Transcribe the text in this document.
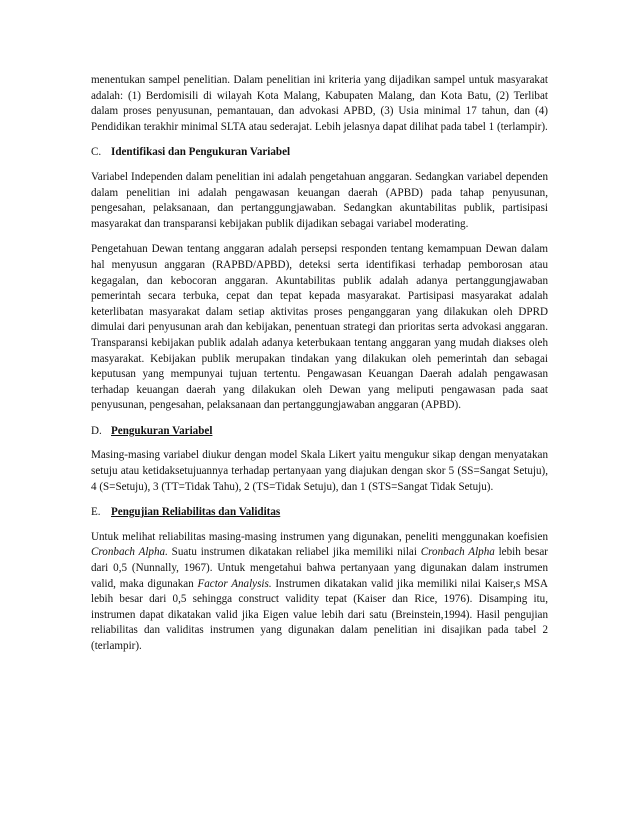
menentukan sampel penelitian. Dalam penelitian ini kriteria yang dijadikan sampel untuk masyarakat adalah: (1) Berdomisili di wilayah Kota Malang, Kabupaten Malang, dan Kota Batu, (2) Terlibat dalam proses penyusunan, pemantauan, dan advokasi APBD, (3) Usia minimal 17 tahun, dan (4) Pendidikan terakhir minimal SLTA atau sederajat. Lebih jelasnya dapat dilihat pada tabel 1 (terlampir).

C. Identifikasi dan Pengukuran Variabel

Variabel Independen dalam penelitian ini adalah pengetahuan anggaran. Sedangkan variabel dependen dalam penelitian ini adalah pengawasan keuangan daerah (APBD) pada tahap penyusunan, pengesahan, pelaksanaan, dan pertanggungjawaban. Sedangkan akuntabilitas publik, partisipasi masyarakat dan transparansi kebijakan publik dijadikan sebagai variabel moderating.

Pengetahuan Dewan tentang anggaran adalah persepsi responden tentang kemampuan Dewan dalam hal menyusun anggaran (RAPBD/APBD), deteksi serta identifikasi terhadap pemborosan atau kegagalan, dan kebocoran anggaran. Akuntabilitas publik adalah adanya pertanggungjawaban pemerintah secara terbuka, cepat dan tepat kepada masyarakat. Partisipasi masyarakat adalah keterlibatan masyarakat dalam setiap aktivitas proses penganggaran yang dilakukan oleh DPRD dimulai dari penyusunan arah dan kebijakan, penentuan strategi dan prioritas serta advokasi anggaran. Transparansi kebijakan publik adalah adanya keterbukaan tentang anggaran yang mudah diakses oleh masyarakat. Kebijakan publik merupakan tindakan yang dilakukan oleh pemerintah dan sebagai keputusan yang mempunyai tujuan tertentu. Pengawasan Keuangan Daerah adalah pengawasan terhadap keuangan daerah yang dilakukan oleh Dewan yang meliputi pengawasan pada saat penyusunan, pengesahan, pelaksanaan dan pertanggungjawaban anggaran (APBD).

D. Pengukuran Variabel

Masing-masing variabel diukur dengan model Skala Likert yaitu mengukur sikap dengan menyatakan setuju atau ketidaksetujuannya terhadap pertanyaan yang diajukan dengan skor 5 (SS=Sangat Setuju), 4 (S=Setuju), 3 (TT=Tidak Tahu), 2 (TS=Tidak Setuju), dan 1 (STS=Sangat Tidak Setuju).

E. Pengujian Reliabilitas dan Validitas

Untuk melihat reliabilitas masing-masing instrumen yang digunakan, peneliti menggunakan koefisien Cronbach Alpha. Suatu instrumen dikatakan reliabel jika memiliki nilai Cronbach Alpha lebih besar dari 0,5 (Nunnally, 1967). Untuk mengetahui bahwa pertanyaan yang digunakan dalam instrumen valid, maka digunakan Factor Analysis. Instrumen dikatakan valid jika memiliki nilai Kaiser,s MSA lebih besar dari 0,5 sehingga construct validity tepat (Kaiser dan Rice, 1976). Disamping itu, instrumen dapat dikatakan valid jika Eigen value lebih dari satu (Breinstein,1994). Hasil pengujian reliabilitas dan validitas instrumen yang digunakan dalam penelitian ini disajikan pada tabel 2 (terlampir).
